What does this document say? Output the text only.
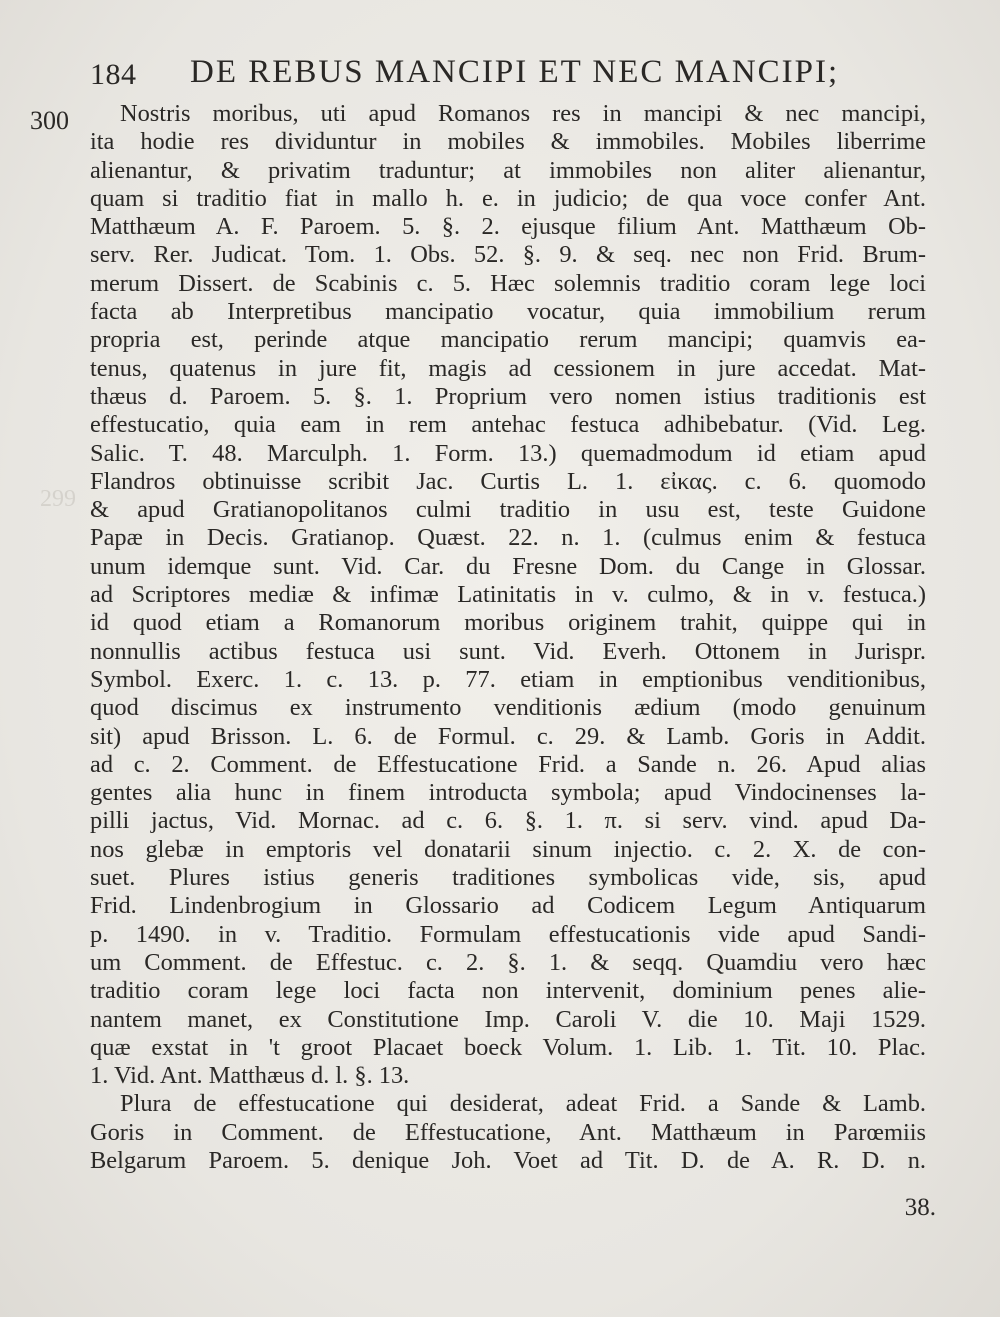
184 DE REBUS MANCIPI ET NEC MANCIPI;
300
299
Nostris moribus, uti apud Romanos res in mancipi & nec mancipi,
ita hodie res dividuntur in mobiles & immobiles. Mobiles liberrime
alienantur, & privatim traduntur; at immobiles non aliter alienantur,
quam si traditio fiat in mallo h. e. in judicio; de qua voce confer Ant.
Matthæum A. F. Paroem. 5. §. 2. ejusque filium Ant. Matthæum Ob-
serv. Rer. Judicat. Tom. 1. Obs. 52. §. 9. & seq. nec non Frid. Brum-
merum Dissert. de Scabinis c. 5. Hæc solemnis traditio coram lege loci
facta ab Interpretibus mancipatio vocatur, quia immobilium rerum
propria est, perinde atque mancipatio rerum mancipi; quamvis ea-
tenus, quatenus in jure fit, magis ad cessionem in jure accedat. Mat-
thæus d. Paroem. 5. §. 1. Proprium vero nomen istius traditionis est
effestucatio, quia eam in rem antehac festuca adhibebatur. (Vid. Leg.
Salic. T. 48. Marculph. 1. Form. 13.) quemadmodum id etiam apud
Flandros obtinuisse scribit Jac. Curtis L. 1. εἰκας. c. 6. quomodo
& apud Gratianopolitanos culmi traditio in usu est, teste Guidone
Papæ in Decis. Gratianop. Quæst. 22. n. 1. (culmus enim & festuca
unum idemque sunt. Vid. Car. du Fresne Dom. du Cange in Glossar.
ad Scriptores mediæ & infimæ Latinitatis in v. culmo, & in v. festuca.)
id quod etiam a Romanorum moribus originem trahit, quippe qui in
nonnullis actibus festuca usi sunt. Vid. Everh. Ottonem in Jurispr.
Symbol. Exerc. 1. c. 13. p. 77. etiam in emptionibus venditionibus,
quod discimus ex instrumento venditionis ædium (modo genuinum
sit) apud Brisson. L. 6. de Formul. c. 29. & Lamb. Goris in Addit.
ad c. 2. Comment. de Effestucatione Frid. a Sande n. 26. Apud alias
gentes alia hunc in finem introducta symbola; apud Vindocinenses la-
pilli jactus, Vid. Mornac. ad c. 6. §. 1. π. si serv. vind. apud Da-
nos glebæ in emptoris vel donatarii sinum injectio. c. 2. X. de con-
suet. Plures istius generis traditiones symbolicas vide, sis, apud
Frid. Lindenbrogium in Glossario ad Codicem Legum Antiquarum
p. 1490. in v. Traditio. Formulam effestucationis vide apud Sandi-
um Comment. de Effestuc. c. 2. §. 1. & seqq. Quamdiu vero hæc
traditio coram lege loci facta non intervenit, dominium penes alie-
nantem manet, ex Constitutione Imp. Caroli V. die 10. Maji 1529.
quæ exstat in 't groot Placaet boeck Volum. 1. Lib. 1. Tit. 10. Plac.
1. Vid. Ant. Matthæus d. l. §. 13.
Plura de effestucatione qui desiderat, adeat Frid. a Sande & Lamb.
Goris in Comment. de Effestucatione, Ant. Matthæum in Parœmiis
Belgarum Paroem. 5. denique Joh. Voet ad Tit. D. de A. R. D. n.
38.
